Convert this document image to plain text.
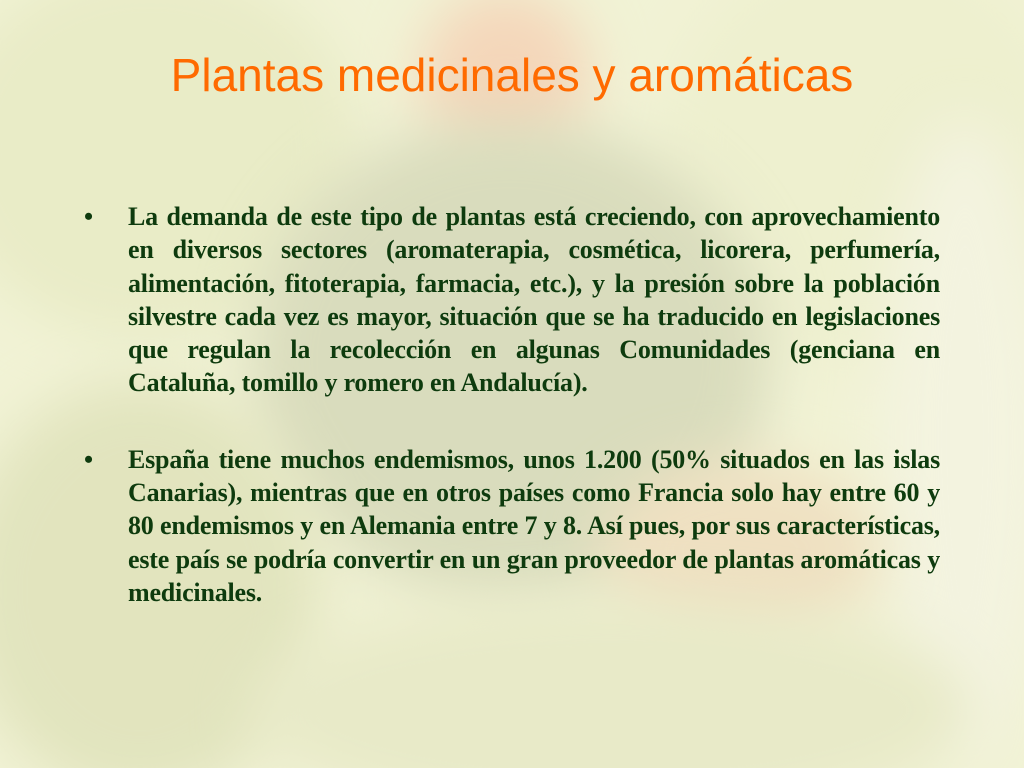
Plantas medicinales y aromáticas
• La demanda de este tipo de plantas está creciendo, con aprovechamiento en diversos sectores (aromaterapia, cosmética, licorera, perfumería, alimentación, fitoterapia, farmacia, etc.), y la presión sobre la población silvestre cada vez es mayor, situación que se ha traducido en legislaciones que regulan la recolección en algunas Comunidades (genciana en Cataluña, tomillo y romero en Andalucía).
• España tiene muchos endemismos, unos 1.200 (50% situados en las islas Canarias), mientras que en otros países como Francia solo hay entre 60 y 80 endemismos y en Alemania entre 7 y 8. Así pues, por sus características, este país se podría convertir en un gran proveedor de plantas aromáticas y medicinales.
